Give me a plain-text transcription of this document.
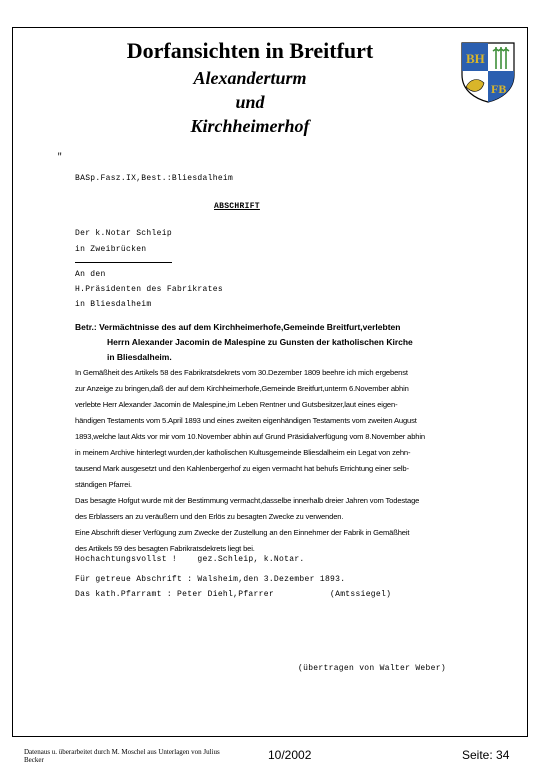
Dorfansichten in Breitfurt
Alexanderturm
und
Kirchheimerhof
BH
FB
"
BASp.Fasz.IX,Best.:Bliesdalheim
ABSCHRIFT
Der k.Notar Schleip
in Zweibrücken
An den
H.Präsidenten des Fabrikrates
in Bliesdalheim
Betr.: Vermächtnisse des auf dem Kirchheimerhofe,Gemeinde Breitfurt,verlebten
Herrn Alexander Jacomin de Malespine zu Gunsten der katholischen Kirche
in Bliesdalheim.
In Gemäßheit des Artikels 58 des Fabrikratsdekrets vom 30.Dezember 1809 beehre ich mich ergebenst
zur Anzeige zu bringen,daß der auf dem Kirchheimerhofe,Gemeinde Breitfurt,unterm 6.November abhin
verlebte Herr Alexander Jacomin de Malespine,im Leben Rentner und Gutsbesitzer,laut eines eigen-
händigen Testaments vom 5.April 1893 und eines zweiten eigenhändigen Testaments vom zweiten August
1893,welche laut Akts vor mir vom 10.November abhin auf Grund Präsidialverfügung vom 8.November abhin
in meinem Archive hinterlegt wurden,der katholischen Kultusgemeinde Bliesdalheim ein Legat von zehn-
tausend Mark ausgesetzt und den Kahlenbergerhof zu eigen vermacht hat behufs Errichtung einer selb-
ständigen Pfarrei.
Das besagte Hofgut wurde mit der Bestimmung vermacht,dasselbe innerhalb dreier Jahren vom Todestage
des Erblassers an zu veräußern und den Erlös zu besagten Zwecke zu verwenden.
Eine Abschrift dieser Verfügung zum Zwecke der Zustellung an den Einnehmer der Fabrik in Gemäßheit
des Artikels 59 des besagten Fabrikratsdekrets liegt bei.
Hochachtungsvollst !    gez.Schleip, k.Notar.
Für getreue Abschrift : Walsheim,den 3.Dezember 1893.
Das kath.Pfarramt : Peter Diehl,Pfarrer	(Amtssiegel)
(übertragen von Walter Weber)
Datenaus u. überarbeitet durch M. Moschel aus Unterlagen von Julius Becker	10/2002	Seite: 34
